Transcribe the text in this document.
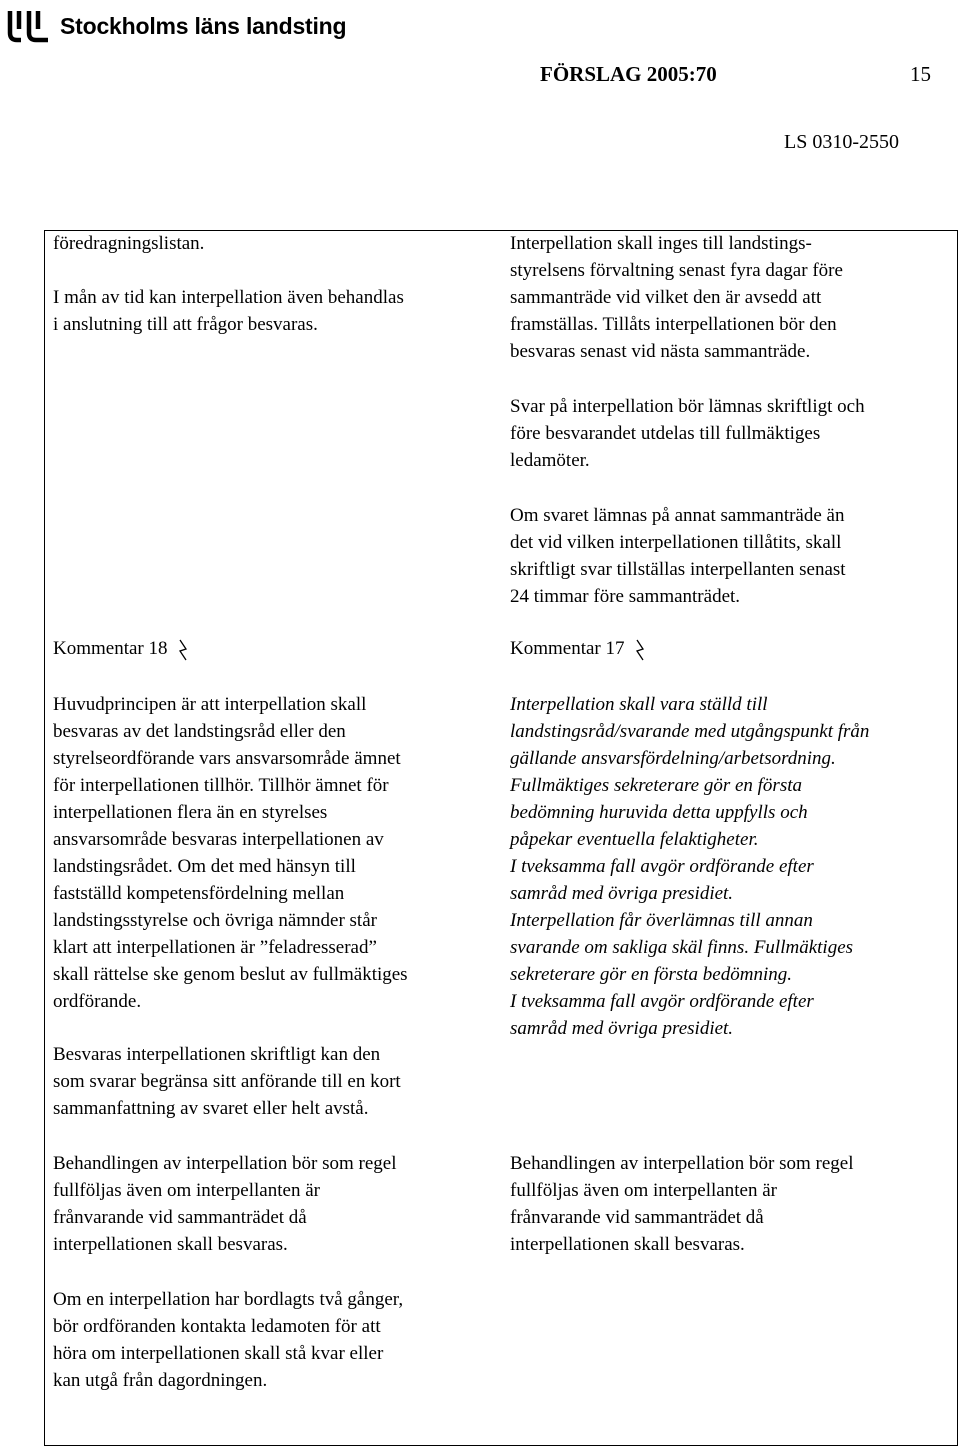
Stockholms läns landsting
FÖRSLAG 2005:70	15
LS 0310-2550

föredragningslistan.

I mån av tid kan interpellation även behandlas

i anslutning till att frågor besvaras.

Kommentar 18

Huvudprincipen är att interpellation skall

besvaras av det landstingsråd eller den

styrelseordförande vars ansvarsområde ämnet

för interpellationen tillhör. Tillhör ämnet för

interpellationen flera än en styrelses

ansvarsområde besvaras interpellationen av

landstingsrådet. Om det med hänsyn till

fastställd kompetensfördelning mellan

landstingsstyrelse och övriga nämnder står

klart att interpellationen är ”feladresserad”

skall rättelse ske genom beslut av fullmäktiges

ordförande.

Besvaras interpellationen skriftligt kan den

som svarar begränsa sitt anförande till en kort

sammanfattning av svaret eller helt avstå.

Behandlingen av interpellation bör som regel

fullföljas även om interpellanten är

frånvarande vid sammanträdet då

interpellationen skall besvaras.

Om en interpellation har bordlagts två gånger,

bör ordföranden kontakta ledamoten för att

höra om interpellationen skall stå kvar eller

kan utgå från dagordningen.

Interpellation skall inges till landstings-

styrelsens förvaltning senast fyra dagar före

sammanträde vid vilket den är avsedd att

framställas. Tillåts interpellationen bör den

besvaras senast vid nästa sammanträde.

Svar på interpellation bör lämnas skriftligt och

före besvarandet utdelas till fullmäktiges

ledamöter.

Om svaret lämnas på annat sammanträde än

det vid vilken interpellationen tillåtits, skall

skriftligt svar tillställas interpellanten senast

24 timmar före sammanträdet.

Kommentar 17

Interpellation skall vara ställd till

landstingsråd/svarande med utgångspunkt från

gällande ansvarsfördelning/arbetsordning.

Fullmäktiges sekreterare gör en första

bedömning huruvida detta uppfylls och

påpekar eventuella felaktigheter.

I tveksamma fall avgör ordförande efter

samråd med övriga presidiet.

Interpellation får överlämnas till annan

svarande om sakliga skäl finns. Fullmäktiges

sekreterare gör en första bedömning.

I tveksamma fall avgör ordförande efter

samråd med övriga presidiet.

Behandlingen av interpellation bör som regel

fullföljas även om interpellanten är

frånvarande vid sammanträdet då

interpellationen skall besvaras.
